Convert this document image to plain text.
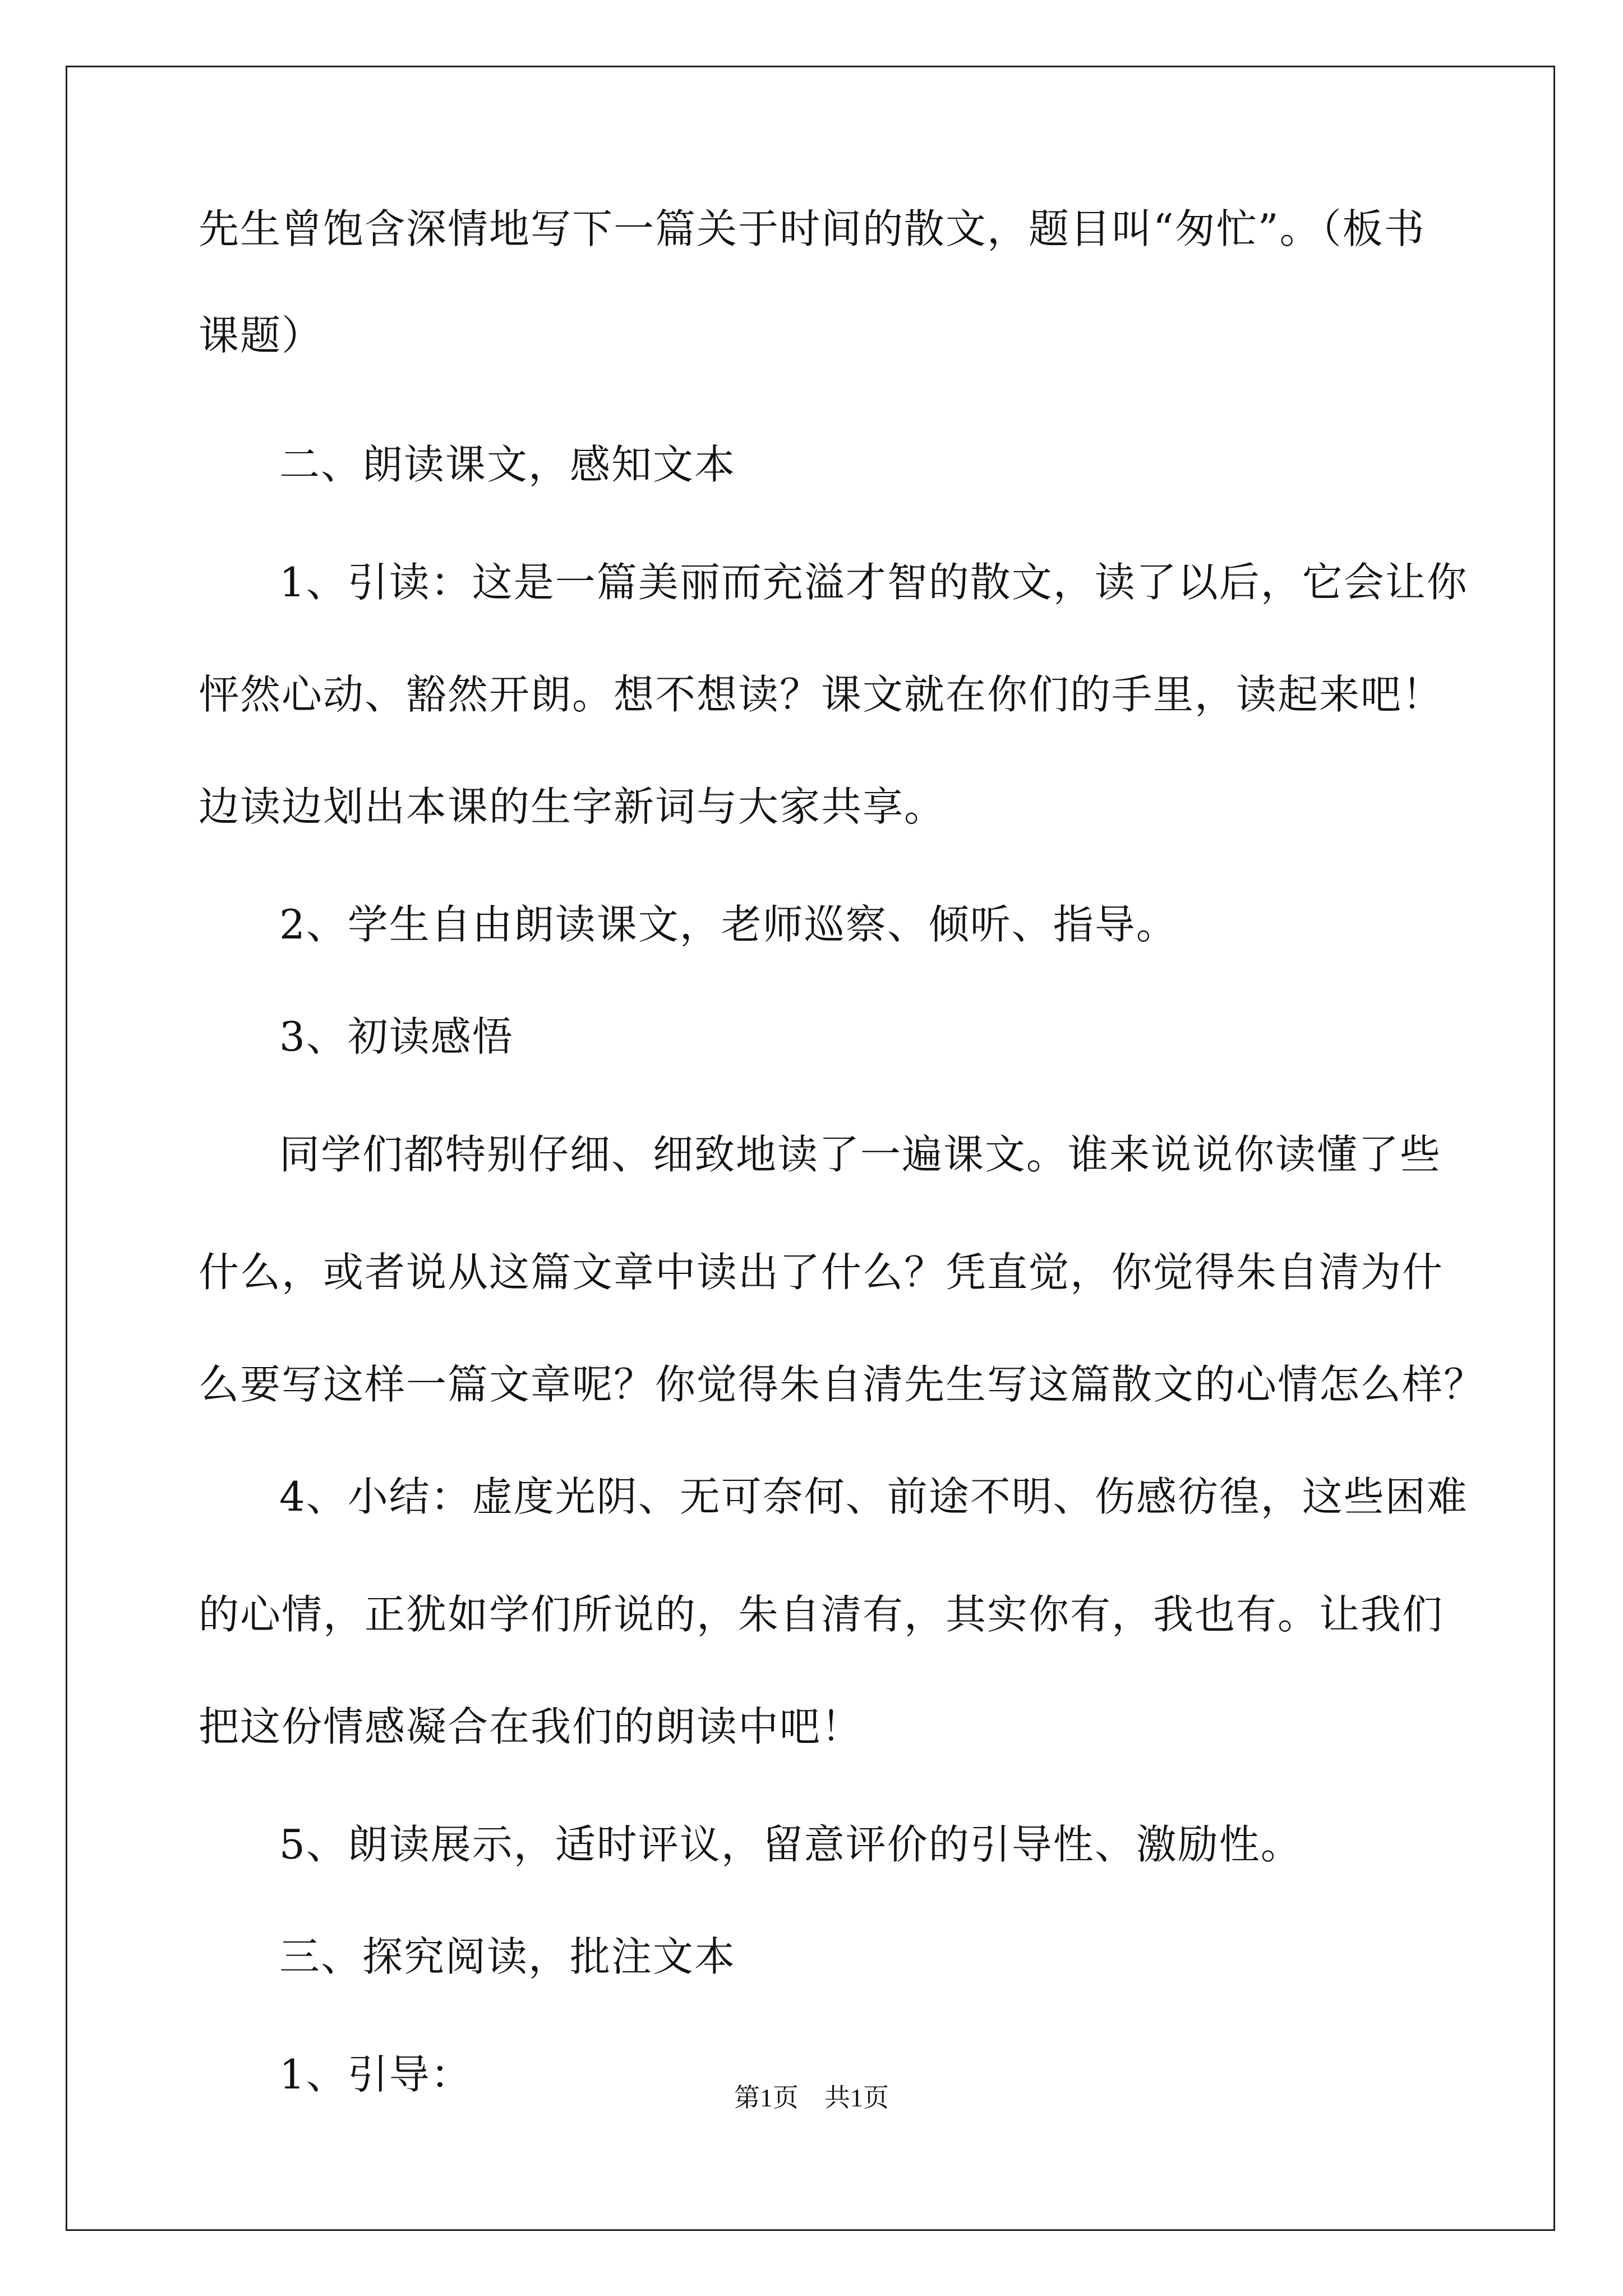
先生曾饱含深情地写下一篇关于时间的散文，题目叫“匆忙”。（板书
课题）
二、朗读课文，感知文本
1、引读：这是一篇美丽而充溢才智的散文，读了以后，它会让你
怦然心动、豁然开朗。想不想读？课文就在你们的手里，读起来吧！
边读边划出本课的生字新词与大家共享。
2、学生自由朗读课文，老师巡察、倾听、指导。
3、初读感悟
同学们都特别仔细、细致地读了一遍课文。谁来说说你读懂了些
什么，或者说从这篇文章中读出了什么？凭直觉，你觉得朱自清为什
么要写这样一篇文章呢？你觉得朱自清先生写这篇散文的心情怎么样？
4、小结：虚度光阴、无可奈何、前途不明、伤感彷徨，这些困难
的心情，正犹如学们所说的，朱自清有，其实你有，我也有。让我们
把这份情感凝合在我们的朗读中吧！
5、朗读展示，适时评议，留意评价的引导性、激励性。
三、探究阅读，批注文本
1、引导：	第1页　共1页
